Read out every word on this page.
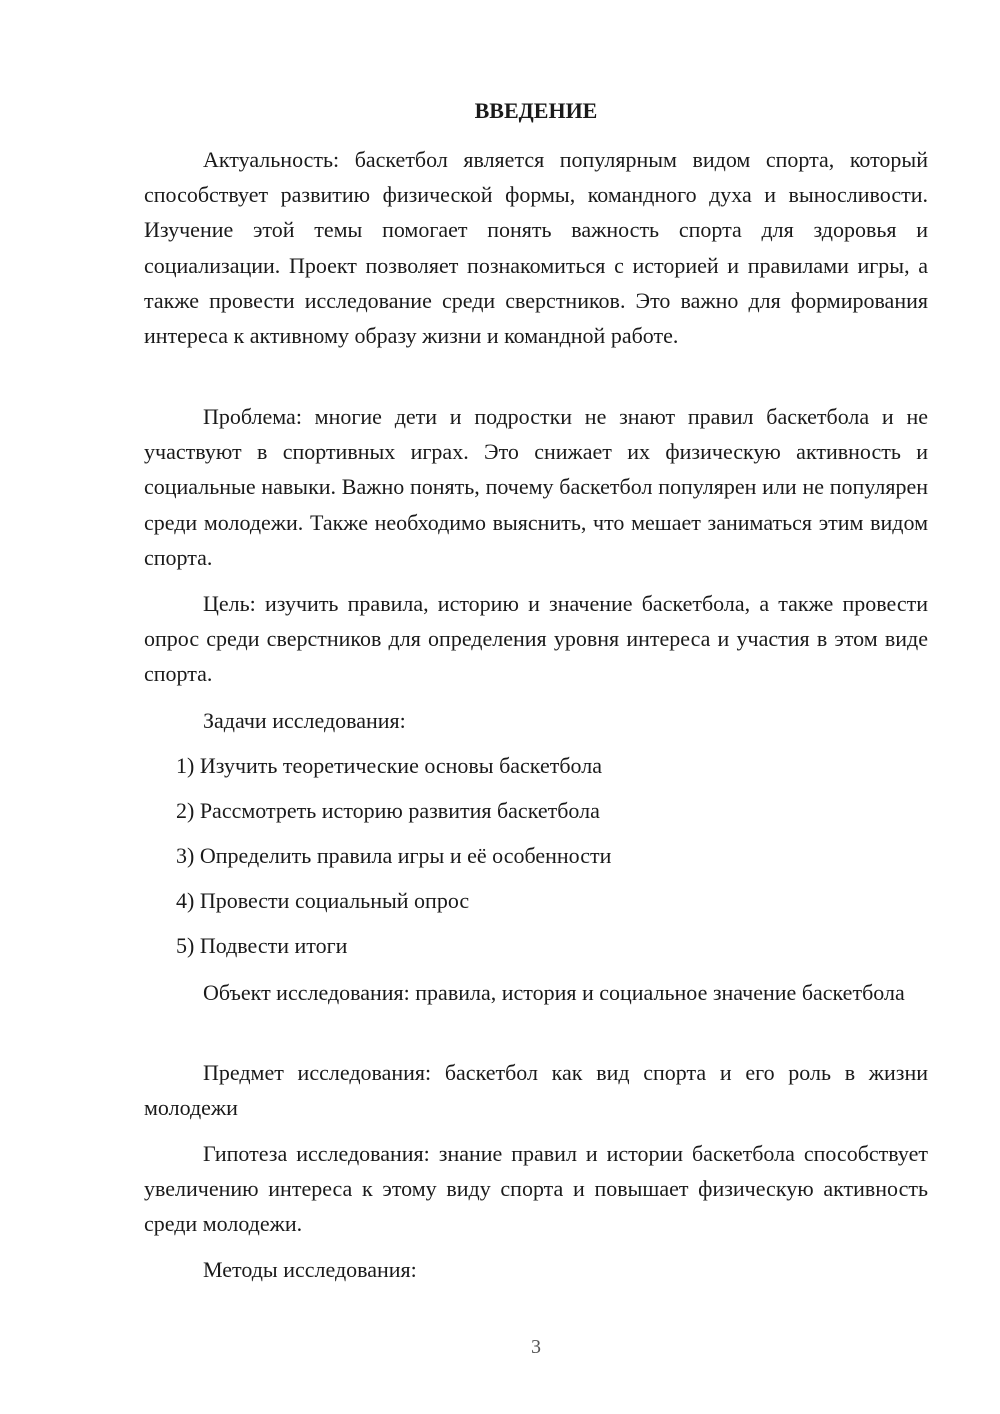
ВВЕДЕНИЕ

Актуальность: баскетбол является популярным видом спорта, который способствует развитию физической формы, командного духа и выносливости. Изучение этой темы помогает понять важность спорта для здоровья и социализации. Проект позволяет познакомиться с историей и правилами игры, а также провести исследование среди сверстников. Это важно для формирования интереса к активному образу жизни и командной работе.

Проблема: многие дети и подростки не знают правил баскетбола и не участвуют в спортивных играх. Это снижает их физическую активность и социальные навыки. Важно понять, почему баскетбол популярен или не популярен среди молодежи. Также необходимо выяснить, что мешает заниматься этим видом спорта.

Цель: изучить правила, историю и значение баскетбола, а также провести опрос среди сверстников для определения уровня интереса и участия в этом виде спорта.

Задачи исследования:

1) Изучить теоретические основы баскетбола

2) Рассмотреть историю развития баскетбола

3) Определить правила игры и её особенности

4) Провести социальный опрос

5) Подвести итоги

Объект исследования: правила, история и социальное значение баскетбола

Предмет исследования: баскетбол как вид спорта и его роль в жизни молодежи

Гипотеза исследования: знание правил и истории баскетбола способствует увеличению интереса к этому виду спорта и повышает физическую активность среди молодежи.

Методы исследования:

3
